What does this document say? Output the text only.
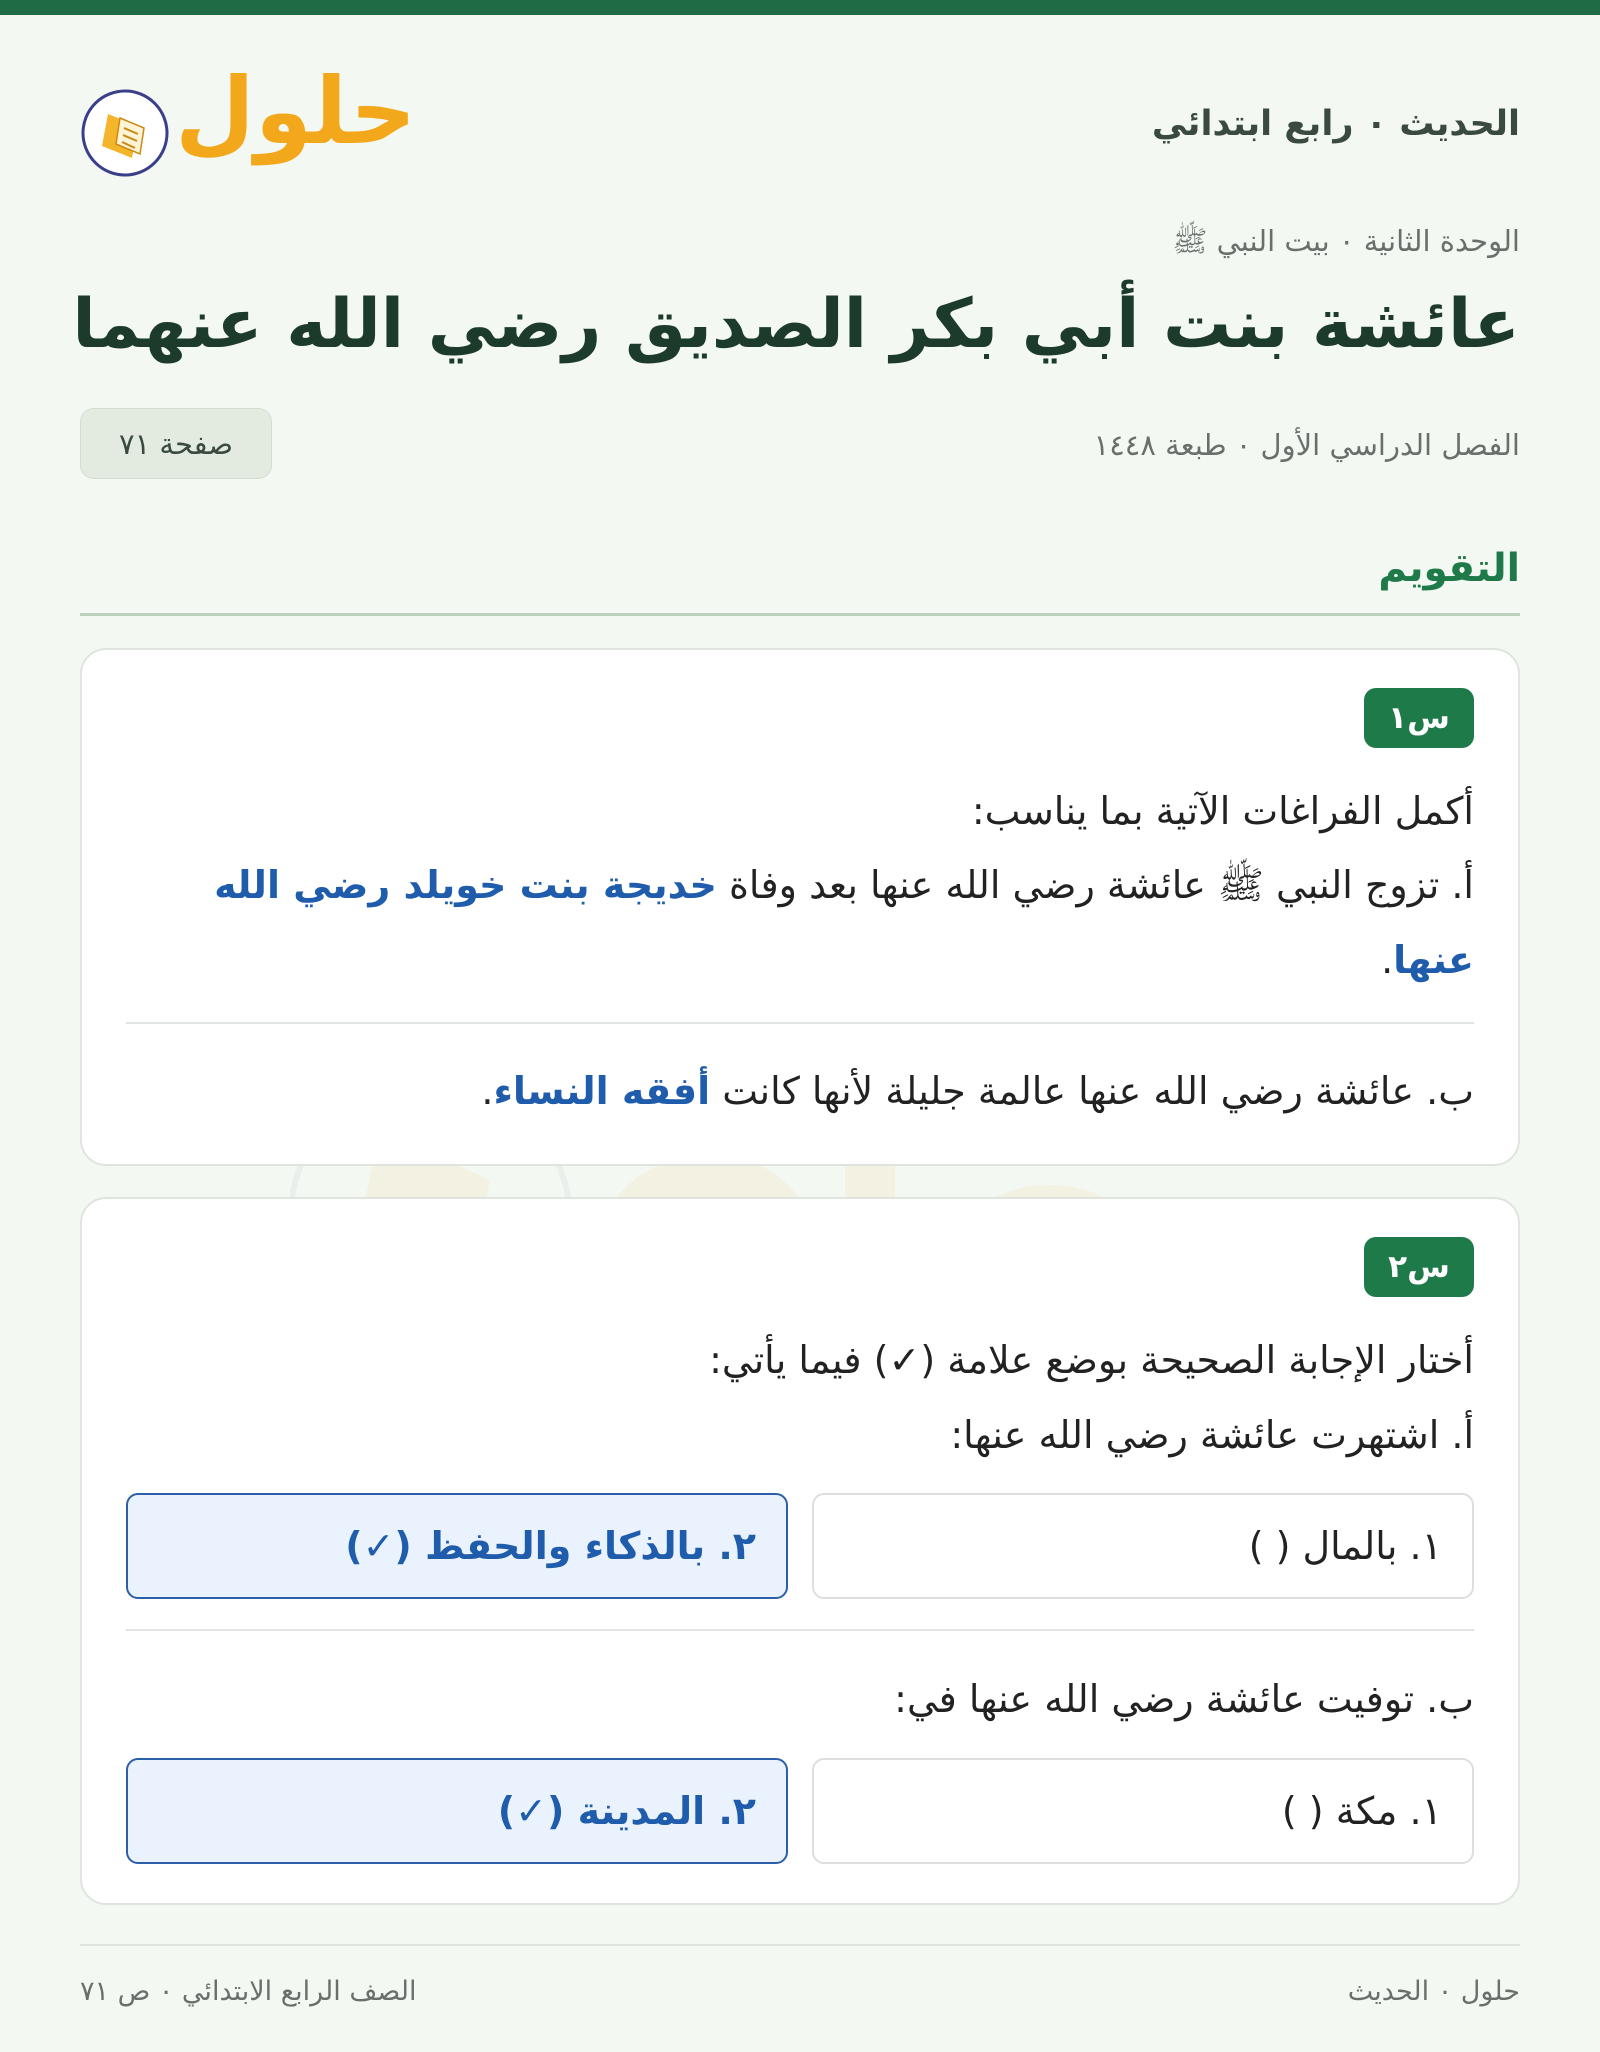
الحديث ٠ رابع ابتدائي
حلول
الوحدة الثانية ٠ بيت النبي ﷺ
عائشة بنت أبي بكر الصديق رضي الله عنهما
الفصل الدراسي الأول ٠ طبعة ١٤٤٨
صفحة ٧١
التقويم
س١
أكمل الفراغات الآتية بما يناسب:
أ. تزوج النبي ﷺ عائشة رضي الله عنها بعد وفاة خديجة بنت خويلد رضي الله عنها.
ب. عائشة رضي الله عنها عالمة جليلة لأنها كانت أفقه النساء.
س٢
أختار الإجابة الصحيحة بوضع علامة (✓) فيما يأتي:
أ. اشتهرت عائشة رضي الله عنها:
١. بالمال ( )
٢. بالذكاء والحفظ (✓)
ب. توفيت عائشة رضي الله عنها في:
١. مكة ( )
٢. المدينة (✓)
حلول ٠ الحديث
الصف الرابع الابتدائي ٠ ص ٧١
